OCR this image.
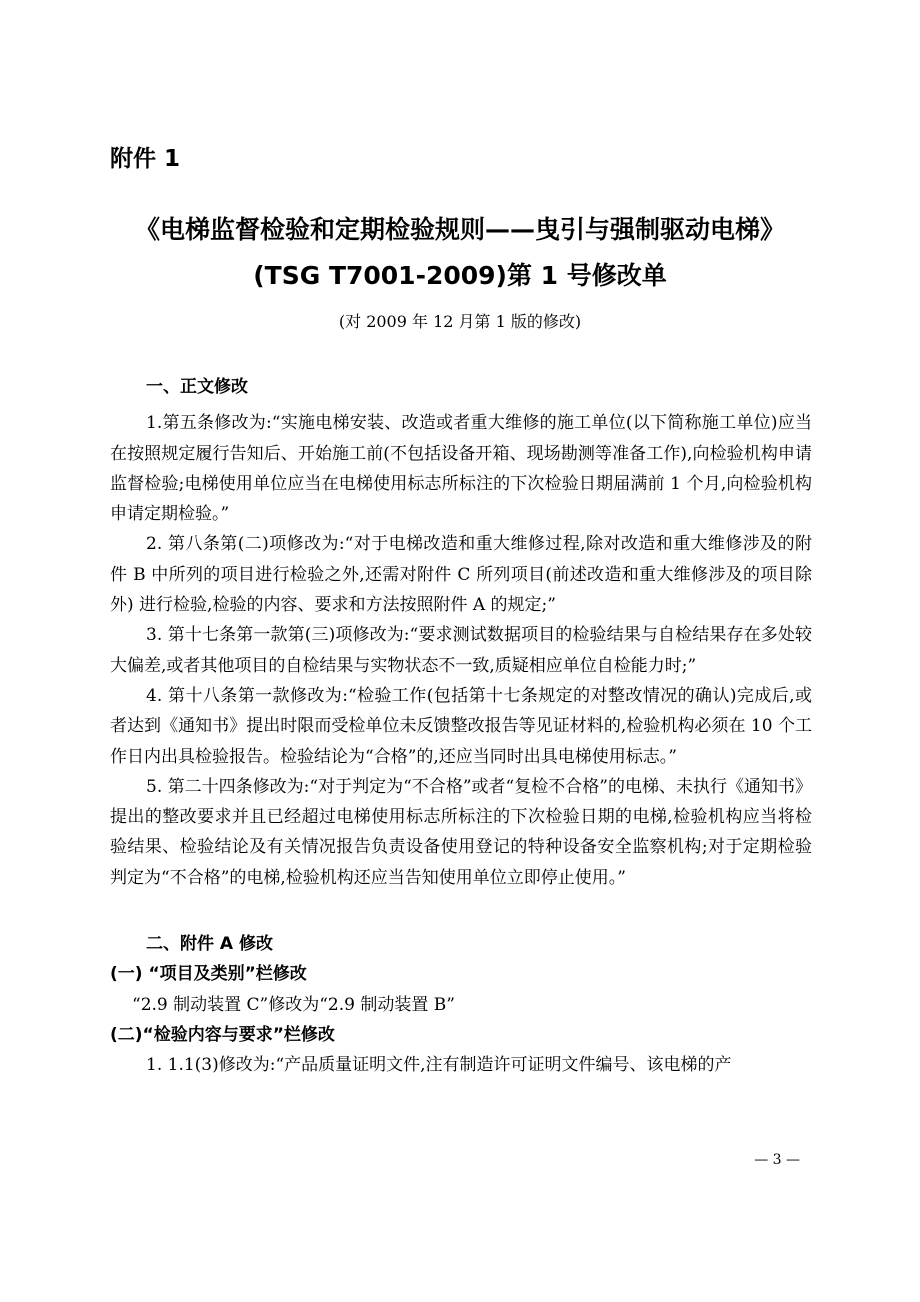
附件 1

《电梯监督检验和定期检验规则——曳引与强制驱动电梯》

(TSG T7001-2009)第 1 号修改单

(对 2009 年 12 月第 1 版的修改)

一、正文修改

1.第五条修改为:“实施电梯安装、改造或者重大维修的施工单位(以下简称施工单位)应当在按照规定履行告知后、开始施工前(不包括设备开箱、现场勘测等准备工作),向检验机构申请监督检验;电梯使用单位应当在电梯使用标志所标注的下次检验日期届满前 1 个月,向检验机构申请定期检验。”

2. 第八条第(二)项修改为:“对于电梯改造和重大维修过程,除对改造和重大维修涉及的附件 B 中所列的项目进行检验之外,还需对附件 C 所列项目(前述改造和重大维修涉及的项目除外) 进行检验,检验的内容、要求和方法按照附件 A 的规定;”

3. 第十七条第一款第(三)项修改为:“要求测试数据项目的检验结果与自检结果存在多处较大偏差,或者其他项目的自检结果与实物状态不一致,质疑相应单位自检能力时;”

4. 第十八条第一款修改为:“检验工作(包括第十七条规定的对整改情况的确认)完成后,或者达到《通知书》提出时限而受检单位未反馈整改报告等见证材料的,检验机构必须在 10 个工作日内出具检验报告。检验结论为“合格”的,还应当同时出具电梯使用标志。”

5. 第二十四条修改为:“对于判定为“不合格”或者“复检不合格”的电梯、未执行《通知书》提出的整改要求并且已经超过电梯使用标志所标注的下次检验日期的电梯,检验机构应当将检验结果、检验结论及有关情况报告负责设备使用登记的特种设备安全监察机构;对于定期检验判定为“不合格”的电梯,检验机构还应当告知使用单位立即停止使用。”

二、附件 A 修改

(一) “项目及类别”栏修改

“2.9 制动装置 C”修改为“2.9 制动装置 B”

(二)“检验内容与要求”栏修改

1. 1.1(3)修改为:“产品质量证明文件,注有制造许可证明文件编号、该电梯的产

— 3 —
